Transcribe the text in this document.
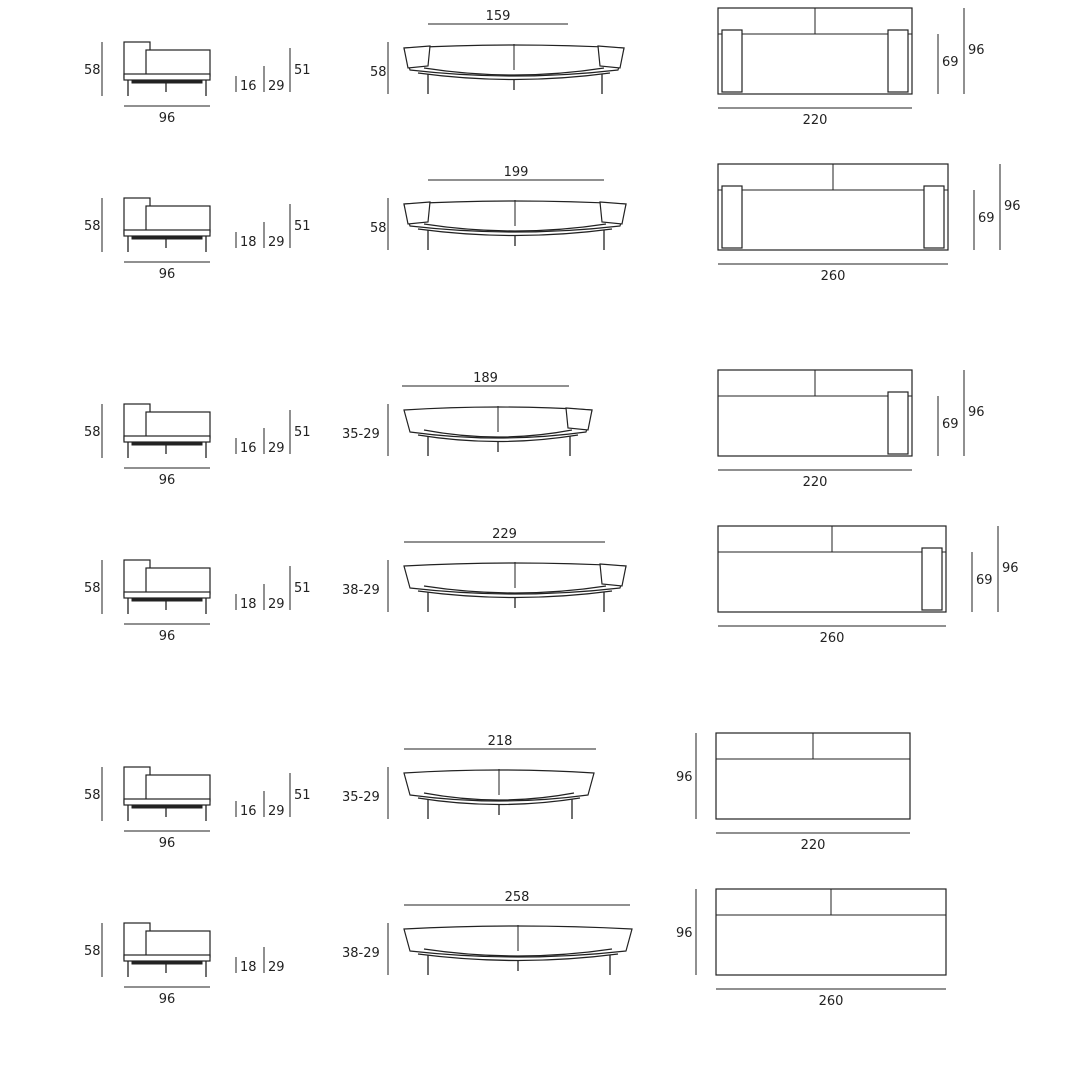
58
96
16 29
51
159
58
220
69
96
58
96
18 29
51
199
58
260
69
96
58
96
16 29
51
189
35-29
220
69
96
58
96
18 29
51
229
38-29
260
69
96
58
96
16 29
51
218
35-29
220
96
58
96
18 29
258
38-29
260
96
